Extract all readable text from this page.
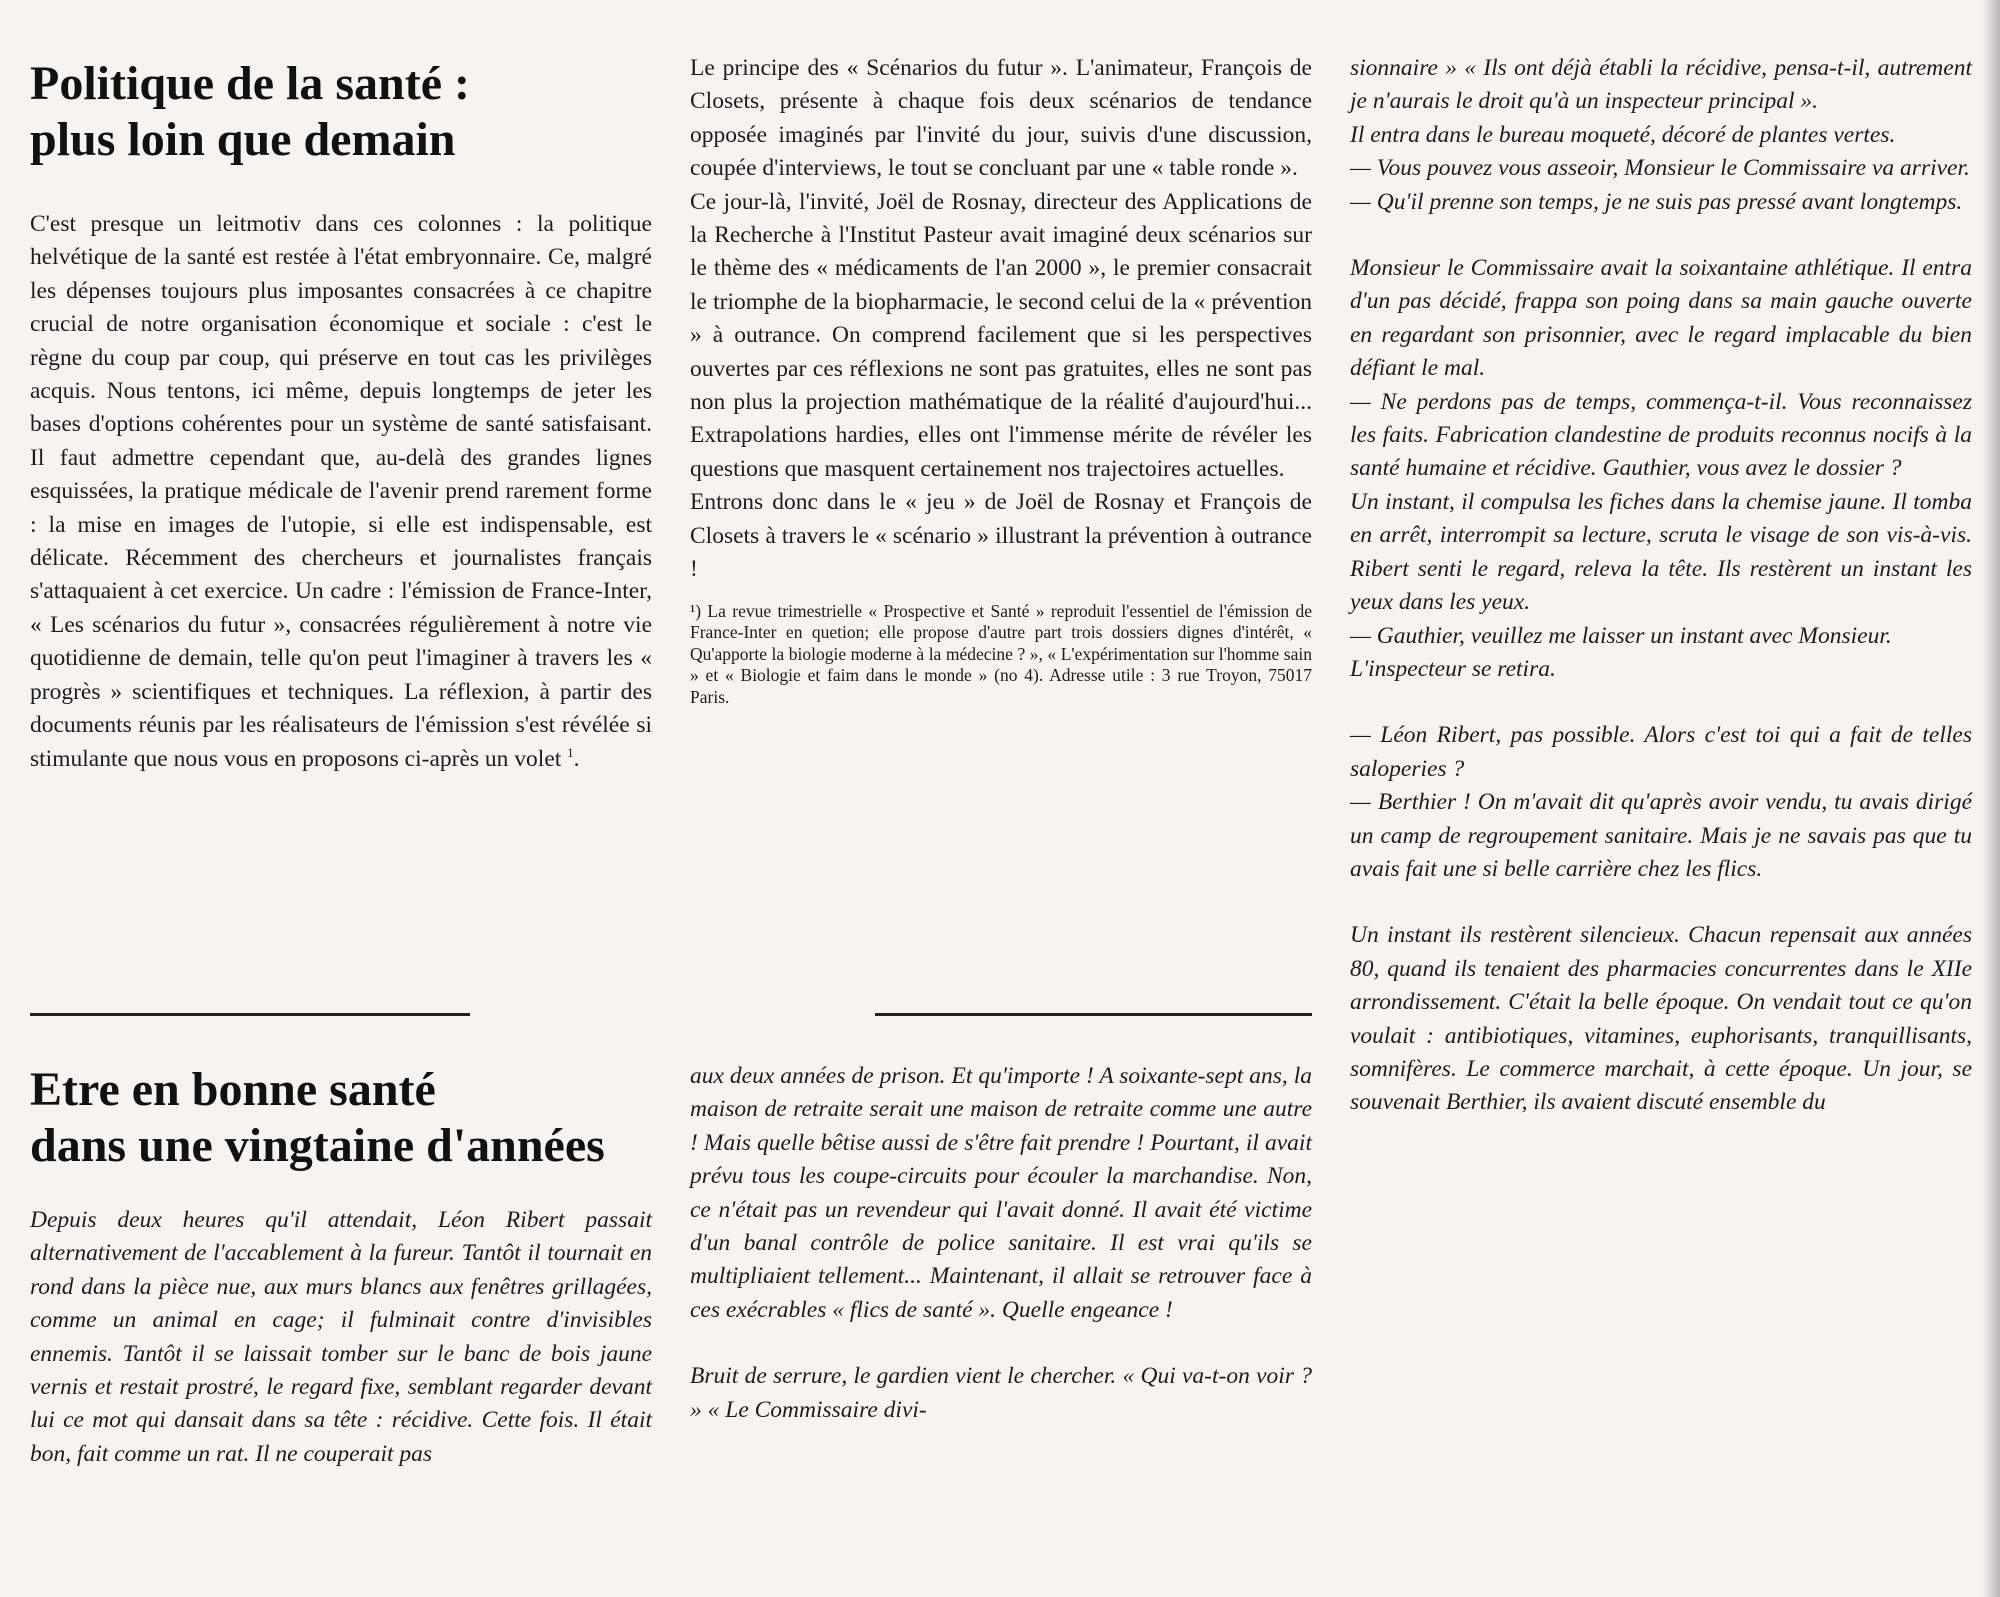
Politique de la santé :
plus loin que demain

C'est presque un leitmotiv dans ces colonnes : la politique helvétique de la santé est restée à l'état embryonnaire. Ce, malgré les dépenses toujours plus imposantes consacrées à ce chapitre crucial de notre organisation économique et sociale : c'est le règne du coup par coup, qui préserve en tout cas les privilèges acquis. Nous tentons, ici même, depuis longtemps de jeter les bases d'options cohérentes pour un système de santé satisfaisant. Il faut admettre cependant que, au-delà des grandes lignes esquissées, la pratique médicale de l'avenir prend rarement forme : la mise en images de l'utopie, si elle est indispensable, est délicate. Récemment des chercheurs et journalistes français s'attaquaient à cet exercice. Un cadre : l'émission de France-Inter, « Les scénarios du futur », consacrées régulièrement à notre vie quotidienne de demain, telle qu'on peut l'imaginer à travers les « progrès » scientifiques et techniques. La réflexion, à partir des documents réunis par les réalisateurs de l'émission s'est révélée si stimulante que nous vous en proposons ci-après un volet $^1$.

Le principe des « Scénarios du futur ». L'animateur, François de Closets, présente à chaque fois deux scénarios de tendance opposée imaginés par l'invité du jour, suivis d'une discussion, coupée d'interviews, le tout se concluant par une « table ronde ».

Ce jour-là, l'invité, Joël de Rosnay, directeur des Applications de la Recherche à l'Institut Pasteur avait imaginé deux scénarios sur le thème des « médicaments de l'an 2000 », le premier consacrait le triomphe de la biopharmacie, le second celui de la « prévention » à outrance. On comprend facilement que si les perspectives ouvertes par ces réflexions ne sont pas gratuites, elles ne sont pas non plus la projection mathématique de la réalité d'aujourd'hui... Extrapolations hardies, elles ont l'immense mérite de révéler les questions que masquent certainement nos trajectoires actuelles.

Entrons donc dans le « jeu » de Joël de Rosnay et François de Closets à travers le « scénario » illustrant la prévention à outrance !

¹) La revue trimestrielle « Prospective et Santé » reproduit l'essentiel de l'émission de France-Inter en quetion; elle propose d'autre part trois dossiers dignes d'intérêt, « Qu'apporte la biologie moderne à la médecine ? », « L'expérimentation sur l'homme sain » et « Biologie et faim dans le monde » (no 4). Adresse utile : 3 rue Troyon, 75017 Paris.

Etre en bonne santé
dans une vingtaine d'années

Depuis deux heures qu'il attendait, Léon Ribert passait alternativement de l'accablement à la fureur. Tantôt il tournait en rond dans la pièce nue, aux murs blancs aux fenêtres grillagées, comme un animal en cage; il fulminait contre d'invisibles ennemis. Tantôt il se laissait tomber sur le banc de bois jaune vernis et restait prostré, le regard fixe, semblant regarder devant lui ce mot qui dansait dans sa tête : récidive. Cette fois. Il était bon, fait comme un rat. Il ne couperait pas

aux deux années de prison. Et qu'importe ! A soixante-sept ans, la maison de retraite serait une maison de retraite comme une autre ! Mais quelle bêtise aussi de s'être fait prendre ! Pourtant, il avait prévu tous les coupe-circuits pour écouler la marchandise. Non, ce n'était pas un revendeur qui l'avait donné. Il avait été victime d'un banal contrôle de police sanitaire. Il est vrai qu'ils se multipliaient tellement... Maintenant, il allait se retrouver face à ces exécrables « flics de santé ». Quelle engeance !

Bruit de serrure, le gardien vient le chercher. « Qui va-t-on voir ? » « Le Commissaire divi-

sionnaire » « Ils ont déjà établi la récidive, pensa-t-il, autrement je n'aurais le droit qu'à un inspecteur principal ».

Il entra dans le bureau moqueté, décoré de plantes vertes.

— Vous pouvez vous asseoir, Monsieur le Commissaire va arriver.

— Qu'il prenne son temps, je ne suis pas pressé avant longtemps.

Monsieur le Commissaire avait la soixantaine athlétique. Il entra d'un pas décidé, frappa son poing dans sa main gauche ouverte en regardant son prisonnier, avec le regard implacable du bien défiant le mal.

— Ne perdons pas de temps, commença-t-il. Vous reconnaissez les faits. Fabrication clandestine de produits reconnus nocifs à la santé humaine et récidive. Gauthier, vous avez le dossier ?

Un instant, il compulsa les fiches dans la chemise jaune. Il tomba en arrêt, interrompit sa lecture, scruta le visage de son vis-à-vis. Ribert senti le regard, releva la tête. Ils restèrent un instant les yeux dans les yeux.

— Gauthier, veuillez me laisser un instant avec Monsieur.

L'inspecteur se retira.

— Léon Ribert, pas possible. Alors c'est toi qui a fait de telles saloperies ?

— Berthier ! On m'avait dit qu'après avoir vendu, tu avais dirigé un camp de regroupement sanitaire. Mais je ne savais pas que tu avais fait une si belle carrière chez les flics.

Un instant ils restèrent silencieux. Chacun repensait aux années 80, quand ils tenaient des pharmacies concurrentes dans le XIIe arrondissement. C'était la belle époque. On vendait tout ce qu'on voulait : antibiotiques, vitamines, euphorisants, tranquillisants, somnifères. Le commerce marchait, à cette époque. Un jour, se souvenait Berthier, ils avaient discuté ensemble du
